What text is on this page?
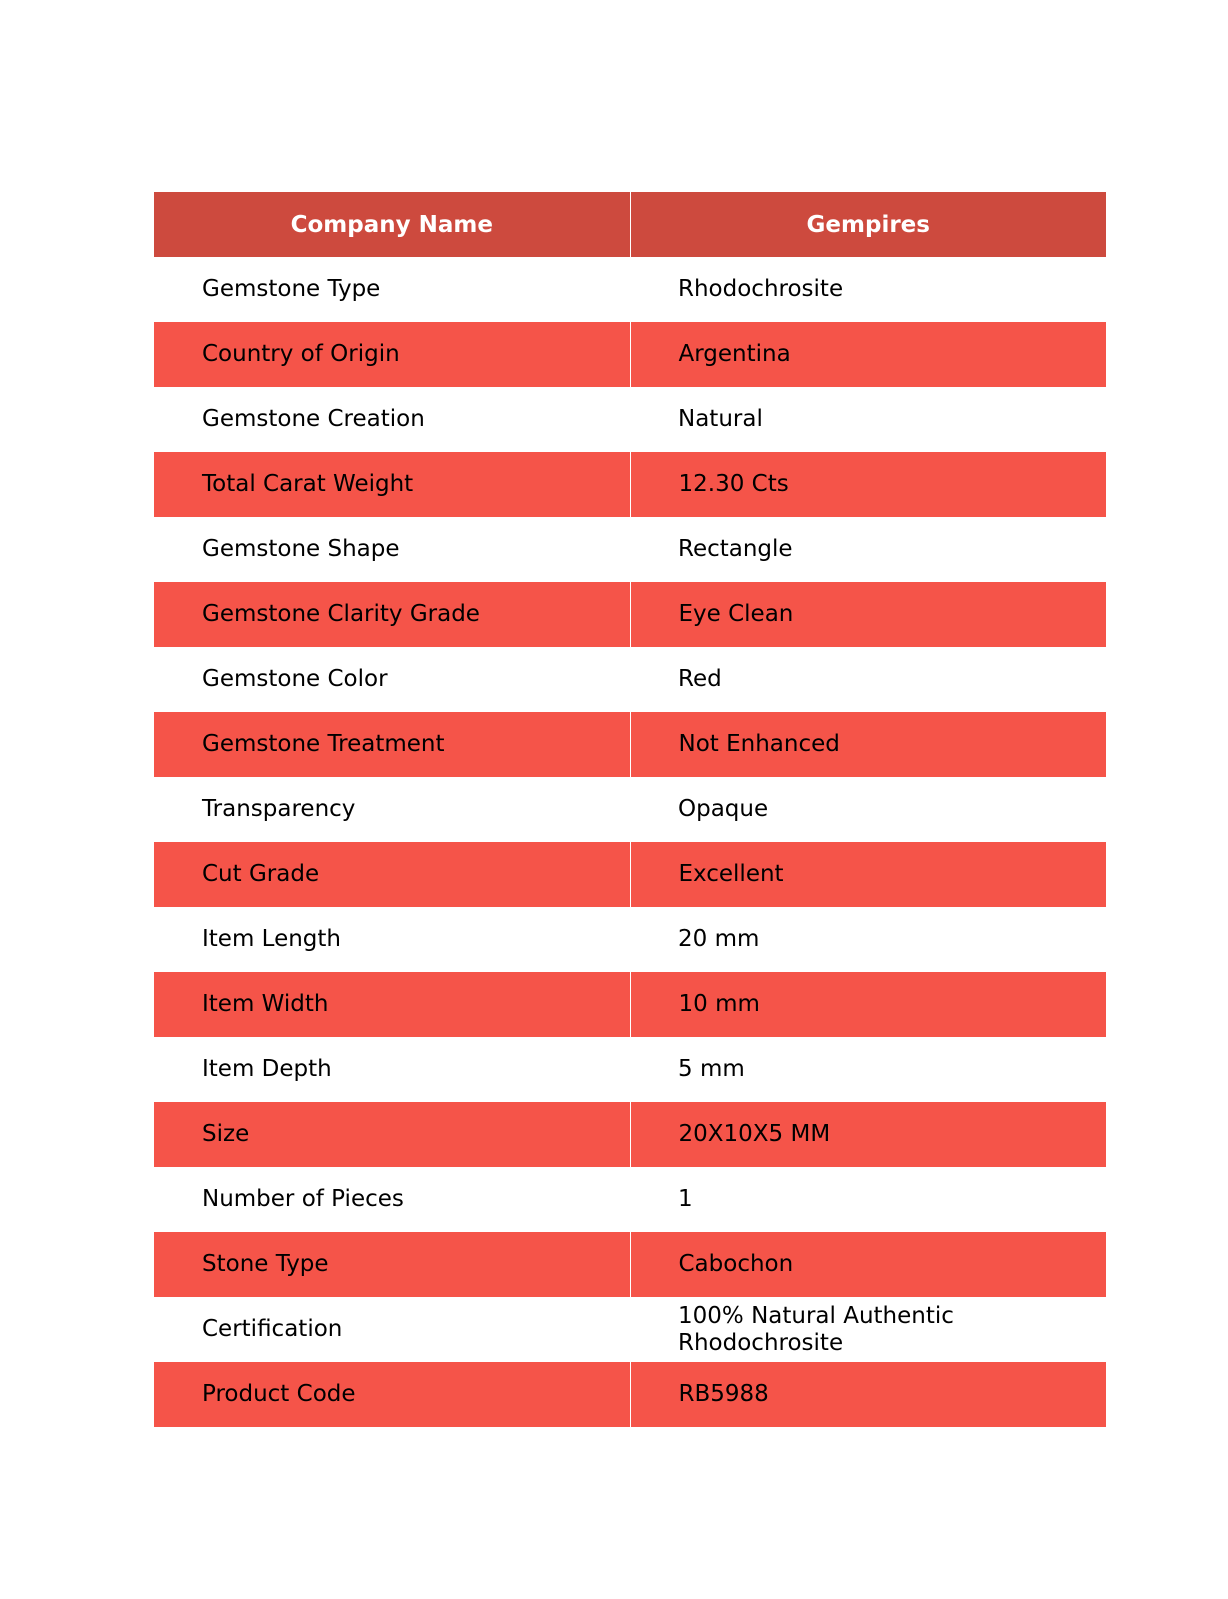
Company Name	Gempires
Gemstone Type	Rhodochrosite
Country of Origin	Argentina
Gemstone Creation	Natural
Total Carat Weight	12.30 Cts
Gemstone Shape	Rectangle
Gemstone Clarity Grade	Eye Clean
Gemstone Color	Red
Gemstone Treatment	Not Enhanced
Transparency	Opaque
Cut Grade	Excellent
Item Length	20 mm
Item Width	10 mm
Item Depth	5 mm
Size	20X10X5 MM
Number of Pieces	1
Stone Type	Cabochon
Certification	100% Natural Authentic Rhodochrosite
Product Code	RB5988
